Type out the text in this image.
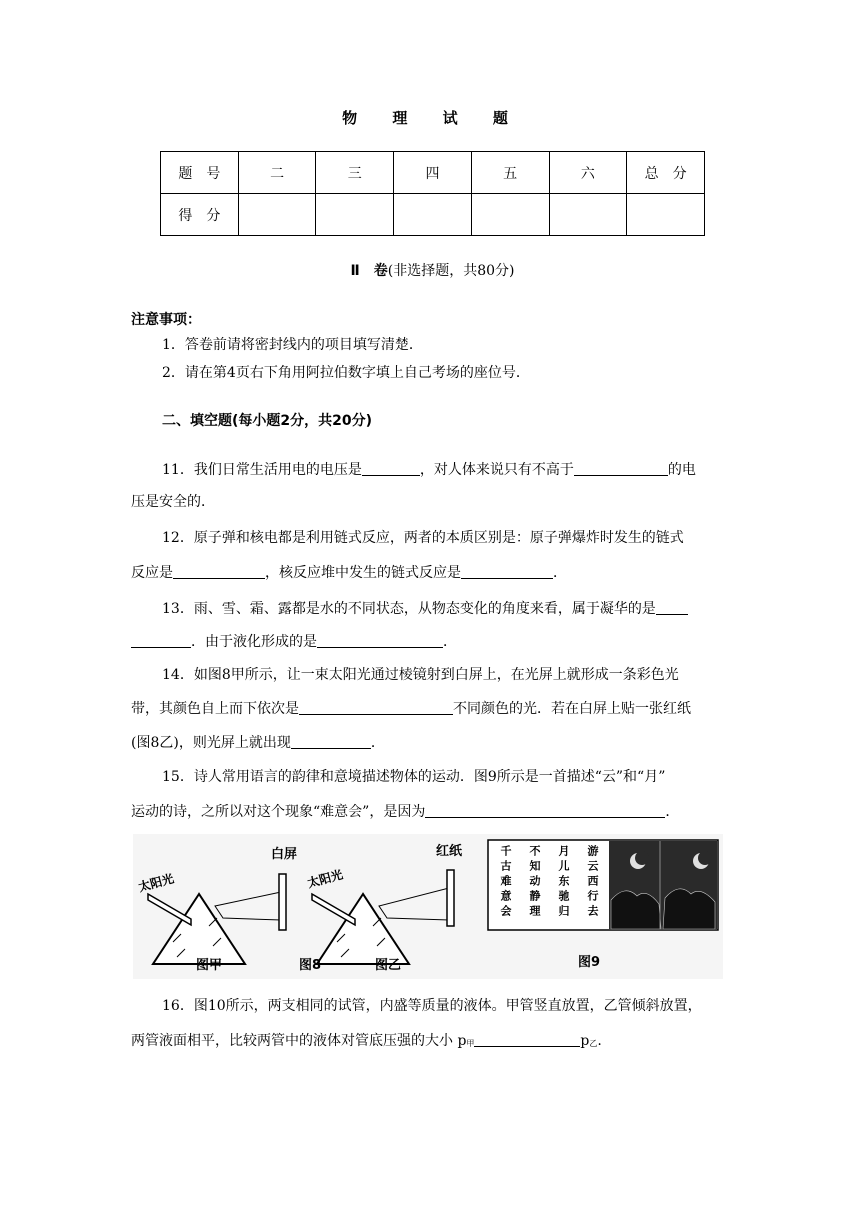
物 理 试 题
题　号	二	三	四	五	六	总　分
得　分						
Ⅱ　卷(非选择题，共80分)
注意事项：
1．答卷前请将密封线内的项目填写清楚．
2．请在第4页右下角用阿拉伯数字填上自己考场的座位号．
二、填空题(每小题2分，共20分)
11．我们日常生活用电的电压是	，对人体来说只有不高于	的电
压是安全的．
12．原子弹和核电都是利用链式反应，两者的本质区别是：原子弹爆炸时发生的链式
反应是	，核反应堆中发生的链式反应是	．
13．雨、雪、霜、露都是水的不同状态，从物态变化的角度来看，属于凝华的是
．由于液化形成的是	．
14．如图8甲所示，让一束太阳光通过棱镜射到白屏上，在光屏上就形成一条彩色光
带，其颜色自上而下依次是	不同颜色的光．若在白屏上贴一张红纸
(图8乙)，则光屏上就出现	．
15．诗人常用语言的韵律和意境描述物体的运动．图9所示是一首描述“云”和“月”
运动的诗，之所以对这个现象“难意会”，是因为	．
太阳光
白屏
太阳光
红纸	游云西行去
月儿东驰归
不知动静理
千古难意会
图甲	图8	图乙	图9
16．图10所示，两支相同的试管，内盛等质量的液体。甲管竖直放置，乙管倾斜放置，
两管液面相平，比较两管中的液体对管底压强的大小 p甲	p乙.
